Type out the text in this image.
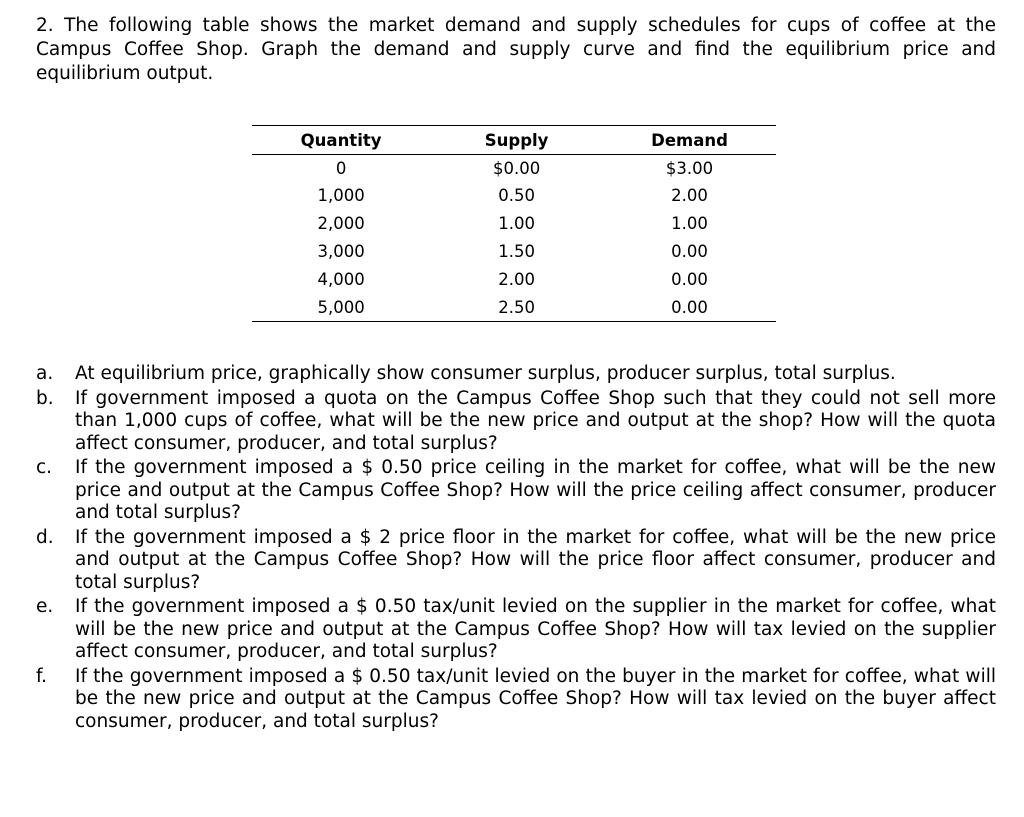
2. The following table shows the market demand and supply schedules for cups of coffee at the Campus Coffee Shop. Graph the demand and supply curve and find the equilibrium price and equilibrium output.

Quantity	Supply	Demand
0	$0.00	$3.00
1,000	0.50	2.00
2,000	1.00	1.00
3,000	1.50	0.00
4,000	2.00	0.00
5,000	2.50	0.00
a. At equilibrium price, graphically show consumer surplus, producer surplus, total surplus.
b. If government imposed a quota on the Campus Coffee Shop such that they could not sell more than 1,000 cups of coffee, what will be the new price and output at the shop? How will the quota affect consumer, producer, and total surplus?
c. If the government imposed a $ 0.50 price ceiling in the market for coffee, what will be the new price and output at the Campus Coffee Shop? How will the price ceiling affect consumer, producer and total surplus?
d. If the government imposed a $ 2 price floor in the market for coffee, what will be the new price and output at the Campus Coffee Shop? How will the price floor affect consumer, producer and total surplus?
e. If the government imposed a $ 0.50 tax/unit levied on the supplier in the market for coffee, what will be the new price and output at the Campus Coffee Shop? How will tax levied on the supplier affect consumer, producer, and total surplus?
f. If the government imposed a $ 0.50 tax/unit levied on the buyer in the market for coffee, what will be the new price and output at the Campus Coffee Shop? How will tax levied on the buyer affect consumer, producer, and total surplus?
